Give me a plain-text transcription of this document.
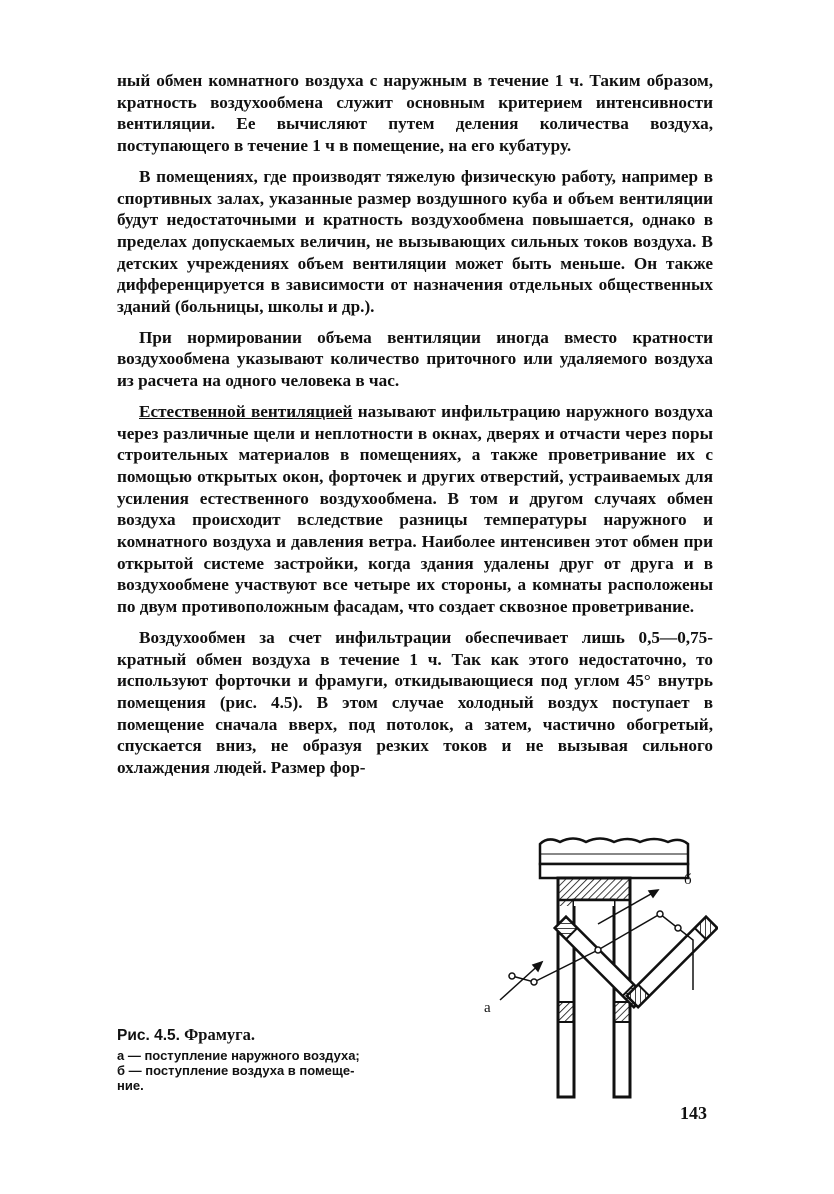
ный обмен комнатного воздуха с наружным в течение 1 ч. Таким образом, кратность воздухообмена служит основным критерием интенсивности вентиляции. Ее вычисляют путем деления количества воздуха, поступающего в течение 1 ч в помещение, на его кубатуру.

В помещениях, где производят тяжелую физическую работу, например в спортивных залах, указанные размер воздушного куба и объем вентиляции будут недостаточными и кратность воздухообмена повышается, однако в пределах допускаемых величин, не вызывающих сильных токов воздуха. В детских учреждениях объем вентиляции может быть меньше. Он также дифференцируется в зависимости от назначения отдельных общественных зданий (больницы, школы и др.).

При нормировании объема вентиляции иногда вместо кратности воздухообмена указывают количество приточного или удаляемого воздуха из расчета на одного человека в час.

Естественной вентиляцией называют инфильтрацию наружного воздуха через различные щели и неплотности в окнах, дверях и отчасти через поры строительных материалов в помещениях, а также проветривание их с помощью открытых окон, форточек и других отверстий, устраиваемых для усиления естественного воздухообмена. В том и другом случаях обмен воздуха происходит вследствие разницы температуры наружного и комнатного воздуха и давления ветра. Наиболее интенсивен этот обмен при открытой системе застройки, когда здания удалены друг от друга и в воздухообмене участвуют все четыре их стороны, а комнаты расположены по двум противоположным фасадам, что создает сквозное проветривание.

Воздухообмен за счет инфильтрации обеспечивает лишь 0,5—0,75-кратный обмен воздуха в течение 1 ч. Так как этого недостаточно, то используют форточки и фрамуги, откидывающиеся под углом 45° внутрь помещения (рис. 4.5). В этом случае холодный воздух поступает в помещение сначала вверх, под потолок, а затем, частично обогретый, спускается вниз, не образуя резких токов и не вызывая сильного охлаждения людей. Размер фор-

Рис. 4.5. Фрамуга.

а — поступление наружного воздуха;

б — поступление воздуха в помеще-

ние.

а
б
143
